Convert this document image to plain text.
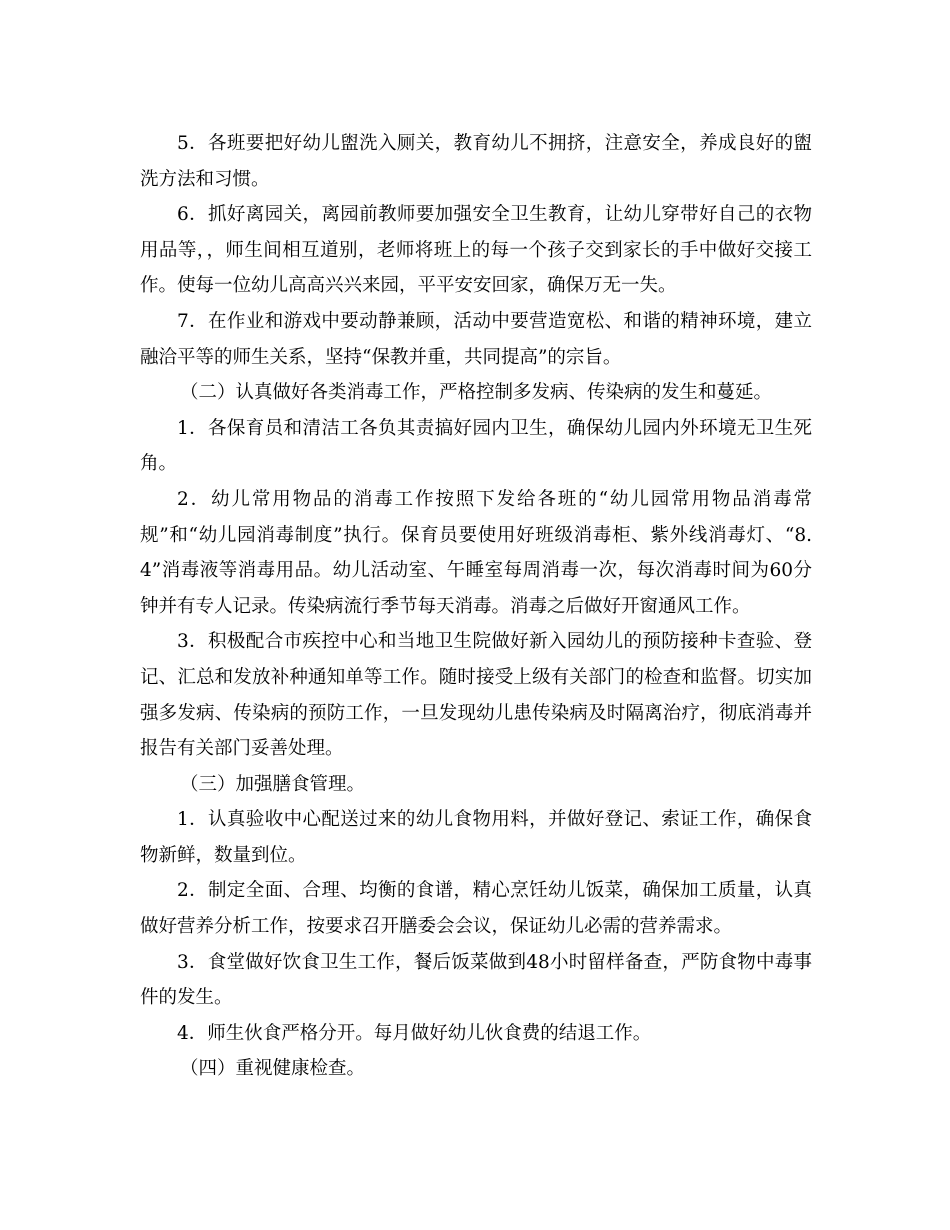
5．各班要把好幼儿盥洗入厕关，教育幼儿不拥挤，注意安全，养成良好的盥洗方法和习惯。

6．抓好离园关，离园前教师要加强安全卫生教育，让幼儿穿带好自己的衣物用品等，，师生间相互道别，老师将班上的每一个孩子交到家长的手中做好交接工作。使每一位幼儿高高兴兴来园，平平安安回家，确保万无一失。

7．在作业和游戏中要动静兼顾，活动中要营造宽松、和谐的精神环境，建立融洽平等的师生关系，坚持“保教并重，共同提高”的宗旨。

（二）认真做好各类消毒工作，严格控制多发病、传染病的发生和蔓延。

1．各保育员和清洁工各负其责搞好园内卫生，确保幼儿园内外环境无卫生死角。

2．幼儿常用物品的消毒工作按照下发给各班的“幼儿园常用物品消毒常规”和“幼儿园消毒制度”执行。保育员要使用好班级消毒柜、紫外线消毒灯、“8.4”消毒液等消毒用品。幼儿活动室、午睡室每周消毒一次，每次消毒时间为60分钟并有专人记录。传染病流行季节每天消毒。消毒之后做好开窗通风工作。

3．积极配合市疾控中心和当地卫生院做好新入园幼儿的预防接种卡查验、登记、汇总和发放补种通知单等工作。随时接受上级有关部门的检查和监督。切实加强多发病、传染病的预防工作，一旦发现幼儿患传染病及时隔离治疗，彻底消毒并报告有关部门妥善处理。

（三）加强膳食管理。

1．认真验收中心配送过来的幼儿食物用料，并做好登记、索证工作，确保食物新鲜，数量到位。

2．制定全面、合理、均衡的食谱，精心烹饪幼儿饭菜，确保加工质量，认真做好营养分析工作，按要求召开膳委会会议，保证幼儿必需的营养需求。

3．食堂做好饮食卫生工作，餐后饭菜做到48小时留样备查，严防食物中毒事件的发生。

4．师生伙食严格分开。每月做好幼儿伙食费的结退工作。

（四）重视健康检查。
